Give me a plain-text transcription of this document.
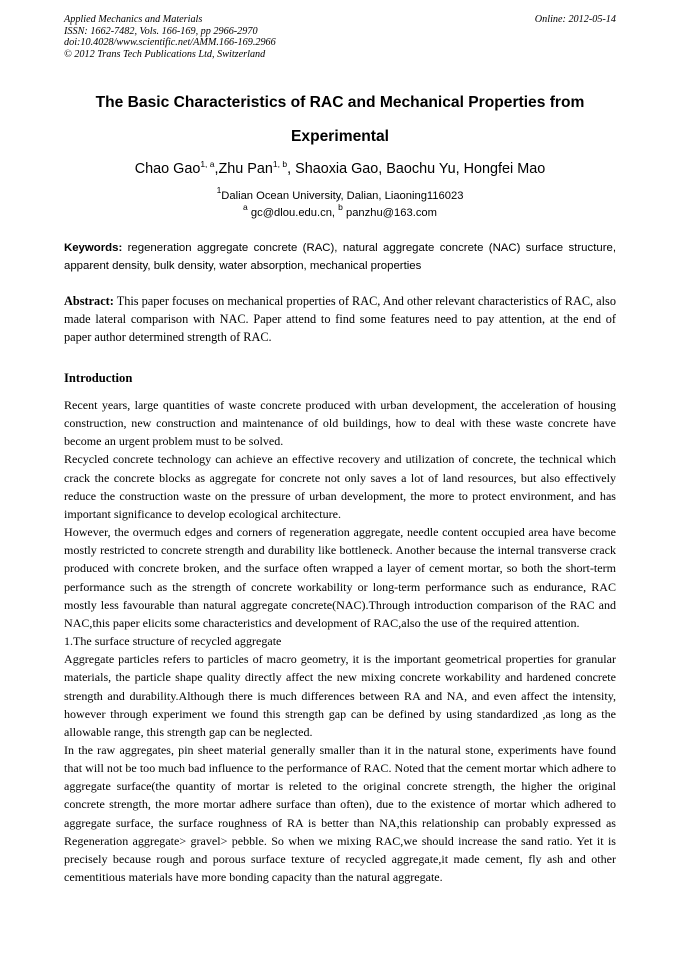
Applied Mechanics and Materials
ISSN: 1662-7482, Vols. 166-169, pp 2966-2970
doi:10.4028/www.scientific.net/AMM.166-169.2966
© 2012 Trans Tech Publications Ltd, Switzerland
Online: 2012-05-14
The Basic Characteristics of RAC and Mechanical Properties from Experimental
Chao Gao$^{1, a}$,Zhu Pan$^{1, b}$, Shaoxia Gao, Baochu Yu, Hongfei Mao
$^1$Dalian Ocean University, Dalian, Liaoning116023
$^a$ gc@dlou.edu.cn, $^b$ panzhu@163.com
Keywords: regeneration aggregate concrete (RAC), natural aggregate concrete (NAC) surface structure, apparent density, bulk density, water absorption, mechanical properties
Abstract: This paper focuses on mechanical properties of RAC, And other relevant characteristics of RAC, also made lateral comparison with NAC. Paper attend to find some features need to pay attention, at the end of paper author determined strength of RAC.
Introduction

Recent years, large quantities of waste concrete produced with urban development, the acceleration of housing construction, new construction and maintenance of old buildings, how to deal with these waste concrete have become an urgent problem must to be solved.

Recycled concrete technology can achieve an effective recovery and utilization of concrete, the technical which crack the concrete blocks as aggregate for concrete not only saves a lot of land resources, but also effectively reduce the construction waste on the pressure of urban development, the more to protect environment, and has important significance to develop ecological architecture.

However, the overmuch edges and corners of regeneration aggregate, needle content occupied area have become mostly restricted to concrete strength and durability like bottleneck. Another because the internal transverse crack produced with concrete broken, and the surface often wrapped a layer of cement mortar, so both the short-term performance such as the strength of concrete workability or long-term performance such as endurance, RAC mostly less favourable than natural aggregate concrete(NAC).Through introduction comparison of the RAC and NAC,this paper elicits some characteristics and development of RAC,also the use of the required attention.

1.The surface structure of recycled aggregate

Aggregate particles refers to particles of macro geometry, it is the important geometrical properties for granular materials, the particle shape quality directly affect the new mixing concrete workability and hardened concrete strength and durability.Although there is much differences between RA and NA, and even affect the intensity, however through experiment we found this strength gap can be defined by using standardized ,as long as the allowable range, this strength gap can be neglected.

In the raw aggregates, pin sheet material generally smaller than it in the natural stone, experiments have found that will not be too much bad influence to the performance of RAC. Noted that the cement mortar which adhere to aggregate surface(the quantity of mortar is releted to the original concrete strength, the higher the original concrete strength, the more mortar adhere surface than often), due to the existence of mortar which adhered to aggregate surface, the surface roughness of RA is better than NA,this relationship can probably expressed as Regeneration aggregate> gravel> pebble. So when we mixing RAC,we should increase the sand ratio. Yet it is precisely because rough and porous surface texture of recycled aggregate,it made cement, fly ash and other cementitious materials have more bonding capacity than the natural aggregate.
